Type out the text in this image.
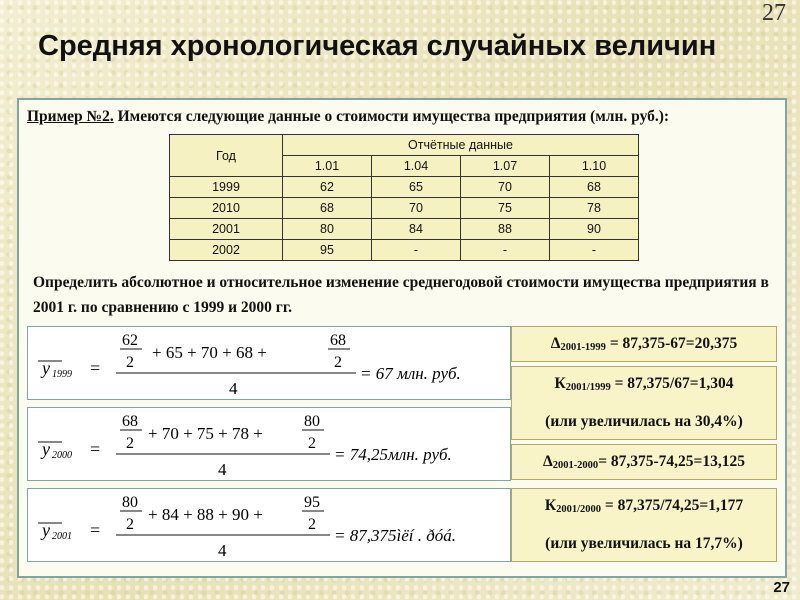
27
Средняя хронологическая случайных величин
Пример №2. Имеются следующие данные о стоимости имущества предприятия (млн. руб.):
Год	Отчётные данные			
	1.01	1.04	1.07	1.10
1999	62	65	70	68
2010	68	70	75	78
2001	80	84	88	90
2002	95	-	-	-
Определить абсолютное и относительное изменение среднегодовой стоимости имущества предприятия в 2001 г. по сравнению с 1999 и 2000 гг.
y 1999 =
62
2
+ 65 + 70 + 68 +
68
2
4
= 67 млн. руб.
y 2000 =
68
2
+ 70 + 75 + 78 +
80
2
4
= 74,25млн. руб.
y 2001 =
80
2
+ 84 + 88 + 90 +
95
2
4
= 87,375ìëí . ðóá.
$\Delta_{2001-1999} = 87,375-67=20,375$
$К_{2001/1999} = 87,375/67=1,304$
(или увеличилась на 30,4%)
$\Delta_{2001-2000}= 87,375-74,25=13,125$
$К_{2001/2000} = 87,375/74,25=1,177$
(или увеличилась на 17,7%)
27
